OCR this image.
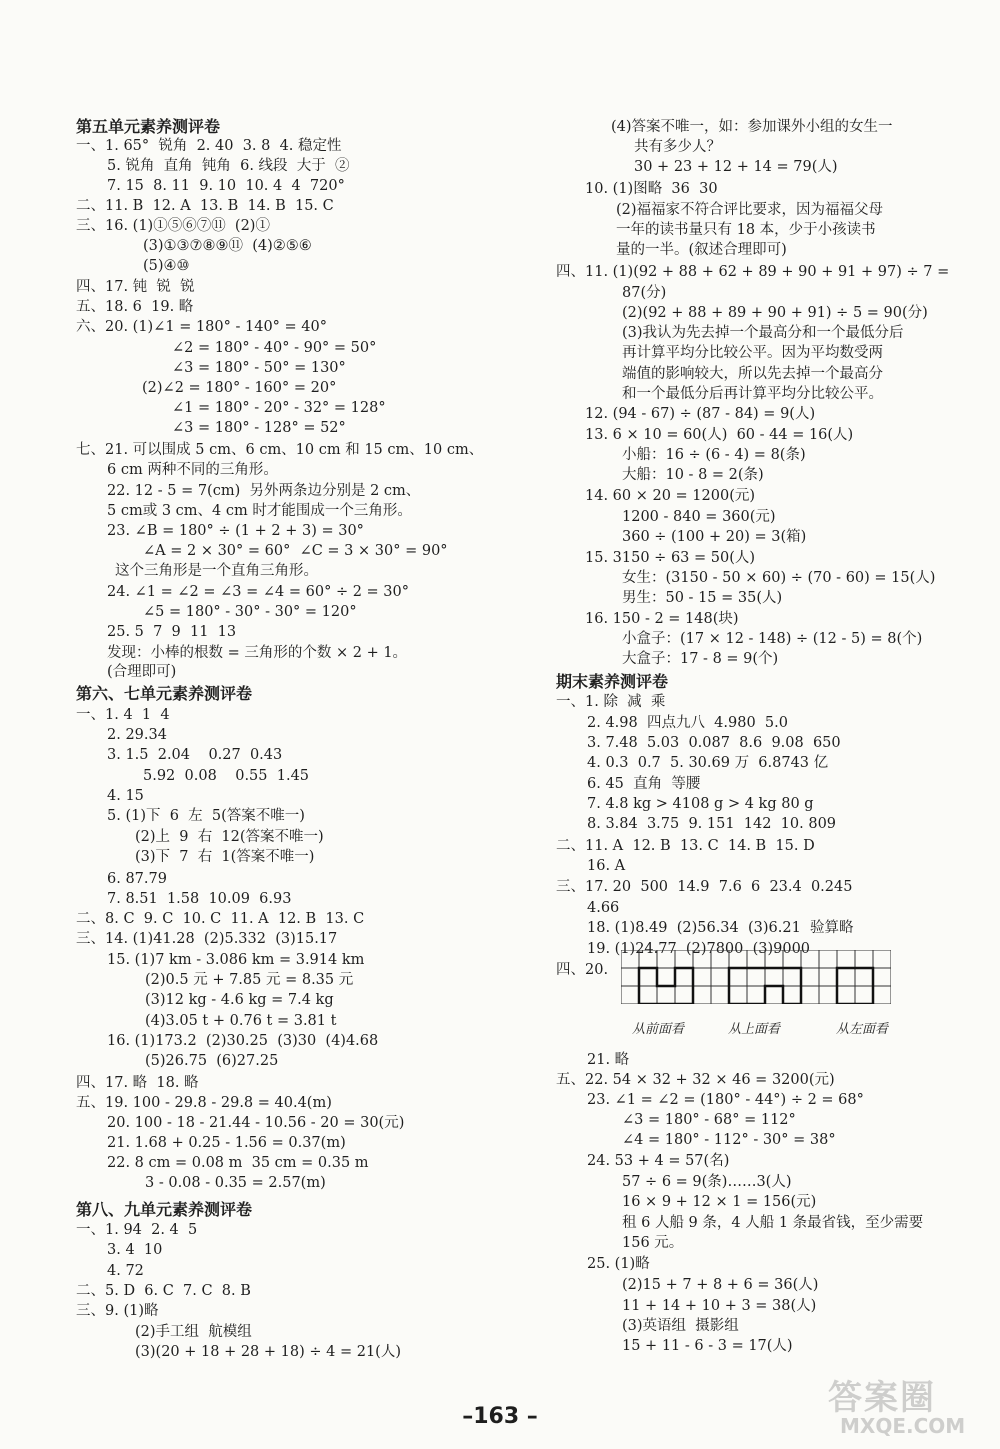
第五单元素养测评卷
一、1. 65°  锐角  2. 40  3. 8  4. 稳定性
5. 锐角  直角  钝角  6. 线段  大于  ②
7. 15  8. 11  9. 10  10. 4  4  720°
二、11. B  12. A  13. B  14. B  15. C
三、16. (1)①⑤⑥⑦⑪  (2)①
(3)①③⑦⑧⑨⑪  (4)②⑤⑥
(5)④⑩
四、17. 钝  锐  锐
五、18. 6  19. 略
六、20. (1)∠1 = 180° - 140° = 40°
∠2 = 180° - 40° - 90° = 50°
∠3 = 180° - 50° = 130°
(2)∠2 = 180° - 160° = 20°
∠1 = 180° - 20° - 32° = 128°
∠3 = 180° - 128° = 52°
七、21. 可以围成 5 cm、6 cm、10 cm 和 15 cm、10 cm、
6 cm 两种不同的三角形。
22. 12 - 5 = 7(cm)  另外两条边分别是 2 cm、
5 cm或 3 cm、4 cm 时才能围成一个三角形。
23. ∠B = 180° ÷ (1 + 2 + 3) = 30°
∠A = 2 × 30° = 60°  ∠C = 3 × 30° = 90°
这个三角形是一个直角三角形。
24. ∠1 = ∠2 = ∠3 = ∠4 = 60° ÷ 2 = 30°
∠5 = 180° - 30° - 30° = 120°
25. 5  7  9  11  13
发现：小棒的根数 = 三角形的个数 × 2 + 1。
(合理即可)
第六、七单元素养测评卷
一、1. 4  1  4
2. 29.34
3. 1.5  2.04    0.27  0.43
5.92  0.08    0.55  1.45
4. 15
5. (1)下  6  左  5(答案不唯一)
(2)上  9  右  12(答案不唯一)
(3)下  7  右  1(答案不唯一)
6. 87.79
7. 8.51  1.58  10.09  6.93
二、8. C  9. C  10. C  11. A  12. B  13. C
三、14. (1)41.28  (2)5.332  (3)15.17
15. (1)7 km - 3.086 km = 3.914 km
(2)0.5 元 + 7.85 元 = 8.35 元
(3)12 kg - 4.6 kg = 7.4 kg
(4)3.05 t + 0.76 t = 3.81 t
16. (1)173.2  (2)30.25  (3)30  (4)4.68
(5)26.75  (6)27.25
四、17. 略  18. 略
五、19. 100 - 29.8 - 29.8 = 40.4(m)
20. 100 - 18 - 21.44 - 10.56 - 20 = 30(元)
21. 1.68 + 0.25 - 1.56 = 0.37(m)
22. 8 cm = 0.08 m  35 cm = 0.35 m
3 - 0.08 - 0.35 = 2.57(m)
第八、九单元素养测评卷
一、1. 94  2. 4  5
3. 4  10
4. 72
二、5. D  6. C  7. C  8. B
三、9. (1)略
(2)手工组  航模组
(3)(20 + 18 + 28 + 18) ÷ 4 = 21(人)
(4)答案不唯一，如：参加课外小组的女生一
共有多少人？
30 + 23 + 12 + 14 = 79(人)
10. (1)图略  36  30
(2)福福家不符合评比要求，因为福福父母
一年的读书量只有 18 本，少于小孩读书
量的一半。(叙述合理即可)
四、11. (1)(92 + 88 + 62 + 89 + 90 + 91 + 97) ÷ 7 =
87(分)
(2)(92 + 88 + 89 + 90 + 91) ÷ 5 = 90(分)
(3)我认为先去掉一个最高分和一个最低分后
再计算平均分比较公平。因为平均数受两
端值的影响较大，所以先去掉一个最高分
和一个最低分后再计算平均分比较公平。
12. (94 - 67) ÷ (87 - 84) = 9(人)
13. 6 × 10 = 60(人)  60 - 44 = 16(人)
小船：16 ÷ (6 - 4) = 8(条)
大船：10 - 8 = 2(条)
14. 60 × 20 = 1200(元)
1200 - 840 = 360(元)
360 ÷ (100 + 20) = 3(箱)
15. 3150 ÷ 63 = 50(人)
女生：(3150 - 50 × 60) ÷ (70 - 60) = 15(人)
男生：50 - 15 = 35(人)
16. 150 - 2 = 148(块)
小盒子：(17 × 12 - 148) ÷ (12 - 5) = 8(个)
大盒子：17 - 8 = 9(个)
期末素养测评卷
一、1. 除  减  乘
2. 4.98  四点九八  4.980  5.0
3. 7.48  5.03  0.087  8.6  9.08  650
4. 0.3  0.7  5. 30.69 万  6.8743 亿
6. 45  直角  等腰
7. 4.8 kg > 4108 g > 4 kg 80 g
8. 3.84  3.75  9. 151  142  10. 809
二、11. A  12. B  13. C  14. B  15. D
16. A
三、17. 20  500  14.9  7.6  6  23.4  0.245
4.66
18. (1)8.49  (2)56.34  (3)6.21  验算略
19. (1)24.77  (2)7800  (3)9000
四、20.
21. 略
五、22. 54 × 32 + 32 × 46 = 3200(元)
23. ∠1 = ∠2 = (180° - 44°) ÷ 2 = 68°
∠3 = 180° - 68° = 112°
∠4 = 180° - 112° - 30° = 38°
24. 53 + 4 = 57(名)
57 ÷ 6 = 9(条)……3(人)
16 × 9 + 12 × 1 = 156(元)
租 6 人船 9 条，4 人船 1 条最省钱，至少需要
156 元。
25. (1)略
(2)15 + 7 + 8 + 6 = 36(人)
11 + 14 + 10 + 3 = 38(人)
(3)英语组  摄影组
15 + 11 - 6 - 3 = 17(人)
从前面看	从上面看	从左面看
–163 –	答案圈
MXQE.COM
